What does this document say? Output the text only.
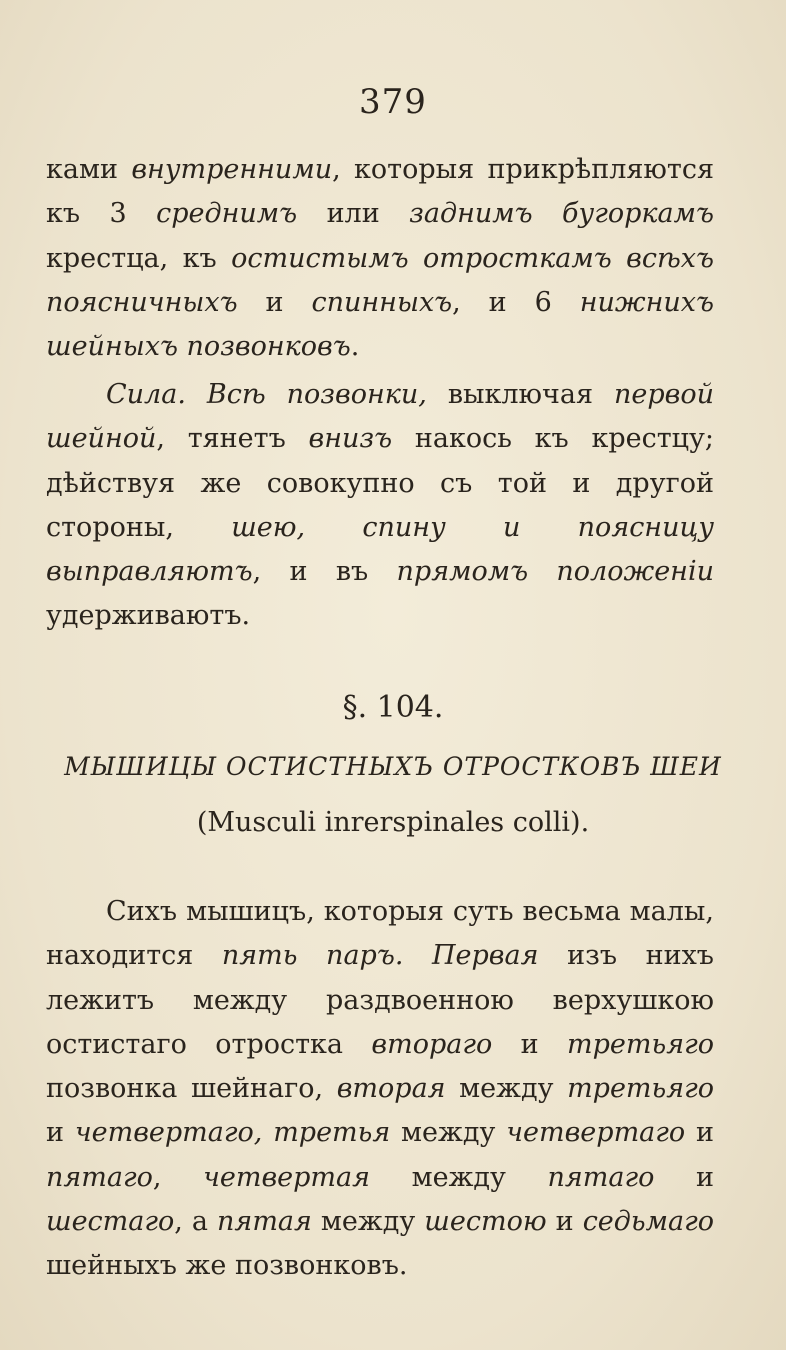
379

ками внутренними, которыя прикрѣпляются къ 3 среднимъ или заднимъ бугоркамъ крестца, къ остистымъ отросткамъ всѣхъ поясничныхъ и спинныхъ, и 6 нижнихъ шейныхъ позвонковъ.

Сила. Всѣ позвонки, выключая первой шейной, тянетъ внизъ накось къ крестцу; дѣйствуя же совокупно съ той и другой стороны, шею, спину и поясницу выправляютъ, и въ прямомъ положеніи удерживаютъ.

§. 104.
МЫШИЦЫ ОСТИСТНЫХЪ ОТРОСТКОВЪ ШЕИ
(Musculi inrerspinales colli).

Сихъ мышицъ, которыя суть весьма малы, находится пять паръ. Первая изъ нихъ лежитъ между раздвоенною верхушкою остистаго отростка втораго и третьяго позвонка шейнаго, вторая между третьяго и четвертаго, третья между четвертаго и пятаго, четвертая между пятаго и шестаго, а пятая между шестою и седьмаго шейныхъ же позвонковъ.
